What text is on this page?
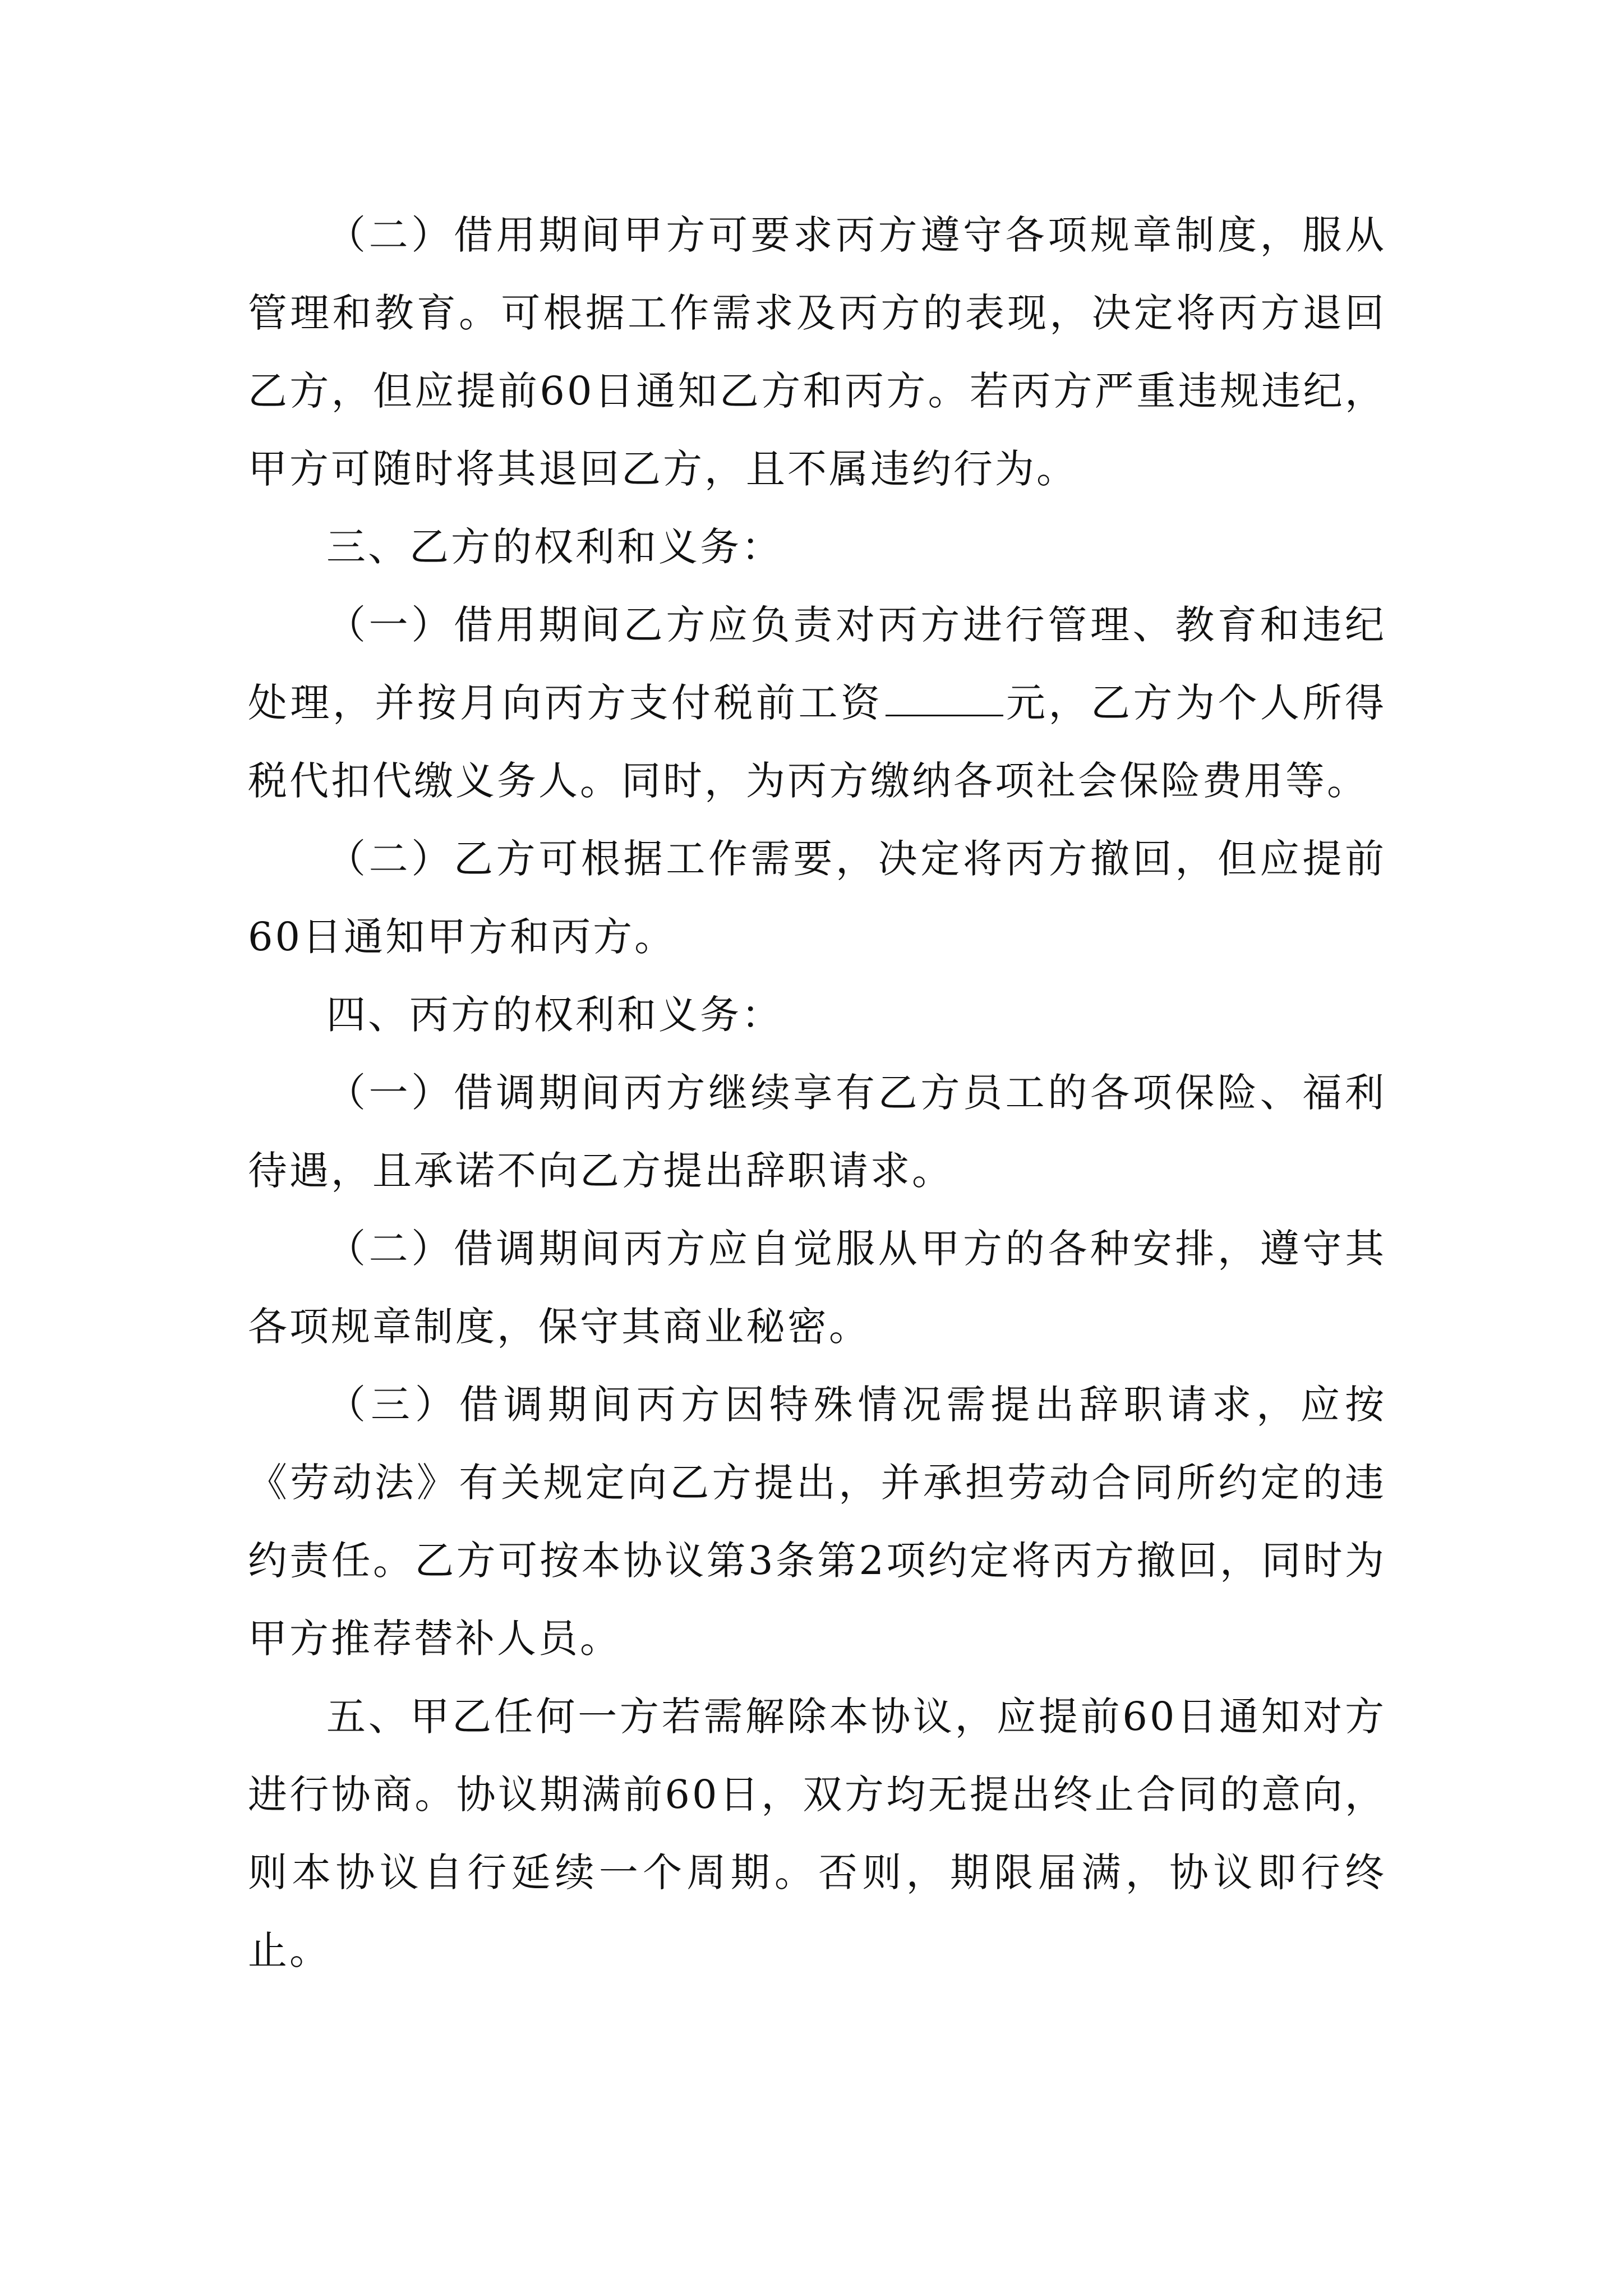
（二）借用期间甲方可要求丙方遵守各项规章制度，服从管理和教育。可根据工作需求及丙方的表现，决定将丙方退回乙方，但应提前60日通知乙方和丙方。若丙方严重违规违纪，甲方可随时将其退回乙方，且不属违约行为。

三、乙方的权利和义务：

（一）借用期间乙方应负责对丙方进行管理、教育和违纪处理，并按月向丙方支付税前工资	元，乙方为个人所得税代扣代缴义务人。同时，为丙方缴纳各项社会保险费用等。

（二）乙方可根据工作需要，决定将丙方撤回，但应提前60日通知甲方和丙方。

四、丙方的权利和义务：

（一）借调期间丙方继续享有乙方员工的各项保险、福利待遇，且承诺不向乙方提出辞职请求。

（二）借调期间丙方应自觉服从甲方的各种安排，遵守其各项规章制度，保守其商业秘密。

（三）借调期间丙方因特殊情况需提出辞职请求，应按《劳动法》有关规定向乙方提出，并承担劳动合同所约定的违约责任。乙方可按本协议第3条第2项约定将丙方撤回，同时为甲方推荐替补人员。

五、甲乙任何一方若需解除本协议，应提前60日通知对方进行协商。协议期满前60日，双方均无提出终止合同的意向，则本协议自行延续一个周期。否则，期限届满，协议即行终止。
